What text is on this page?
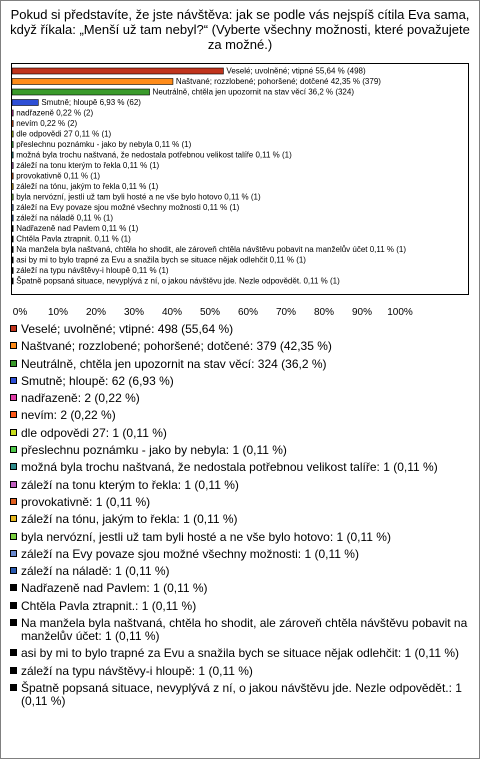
Pokud si představíte, že jste návštěva: jak se podle vás nejspíš cítila Eva sama, když říkala: „Menší už tam nebyl?“ (Vyberte všechny možnosti, které považujete za možné.)
Veselé; uvolněné; vtipné 55,64 % (498)
Naštvané; rozzlobené; pohoršené; dotčené 42,35 % (379)
Neutrálně, chtěla jen upozornit na stav věcí 36,2 % (324)
Smutně; hloupě 6,93 % (62)
nadřazeně 0,22 % (2)
nevím 0,22 % (2)
dle odpovědi 27 0,11 % (1)
přeslechnu poznámku - jako by nebyla 0,11 % (1)
možná byla trochu naštvaná, že nedostala potřebnou velikost talíře 0,11 % (1)
záleží na tonu kterým to řekla 0,11 % (1)
provokativně 0,11 % (1)
záleží na tónu, jakým to řekla 0,11 % (1)
byla nervózní, jestli už tam byli hosté a ne vše bylo hotovo 0,11 % (1)
záleží na Evy povaze sjou možné všechny možnosti 0,11 % (1)
záleží na náladě 0,11 % (1)
Nadřazeně nad Pavlem 0,11 % (1)
Chtěla Pavla ztrapnit. 0,11 % (1)
Na manžela byla naštvaná, chtěla ho shodit, ale zároveň chtěla návštěvu pobavit na manželův účet 0,11 % (1)
asi by mi to bylo trapné za Evu a snažila bych se situace nějak odlehčit 0,11 % (1)
záleží na typu návštěvy-i hloupě 0,11 % (1)
Špatně popsaná situace, nevyplývá z ní, o jakou návštěvu jde. Nezle odpovědět. 0,11 % (1)
0% 10% 20% 30% 40% 50% 60% 70% 80% 90% 100%
Veselé; uvolněné; vtipné: 498 (55,64 %)
Naštvané; rozzlobené; pohoršené; dotčené: 379 (42,35 %)
Neutrálně, chtěla jen upozornit na stav věcí: 324 (36,2 %)
Smutně; hloupě: 62 (6,93 %)
nadřazeně: 2 (0,22 %)
nevím: 2 (0,22 %)
dle odpovědi 27: 1 (0,11 %)
přeslechnu poznámku - jako by nebyla: 1 (0,11 %)
možná byla trochu naštvaná, že nedostala potřebnou velikost talíře: 1 (0,11 %)
záleží na tonu kterým to řekla: 1 (0,11 %)
provokativně: 1 (0,11 %)
záleží na tónu, jakým to řekla: 1 (0,11 %)
byla nervózní, jestli už tam byli hosté a ne vše bylo hotovo: 1 (0,11 %)
záleží na Evy povaze sjou možné všechny možnosti: 1 (0,11 %)
záleží na náladě: 1 (0,11 %)
Nadřazeně nad Pavlem: 1 (0,11 %)
Chtěla Pavla ztrapnit.: 1 (0,11 %)
Na manžela byla naštvaná, chtěla ho shodit, ale zároveň chtěla návštěvu pobavit na manželův účet: 1 (0,11 %)
asi by mi to bylo trapné za Evu a snažila bych se situace nějak odlehčit: 1 (0,11 %)
záleží na typu návštěvy-i hloupě: 1 (0,11 %)
Špatně popsaná situace, nevyplývá z ní, o jakou návštěvu jde. Nezle odpovědět.: 1 (0,11 %)
